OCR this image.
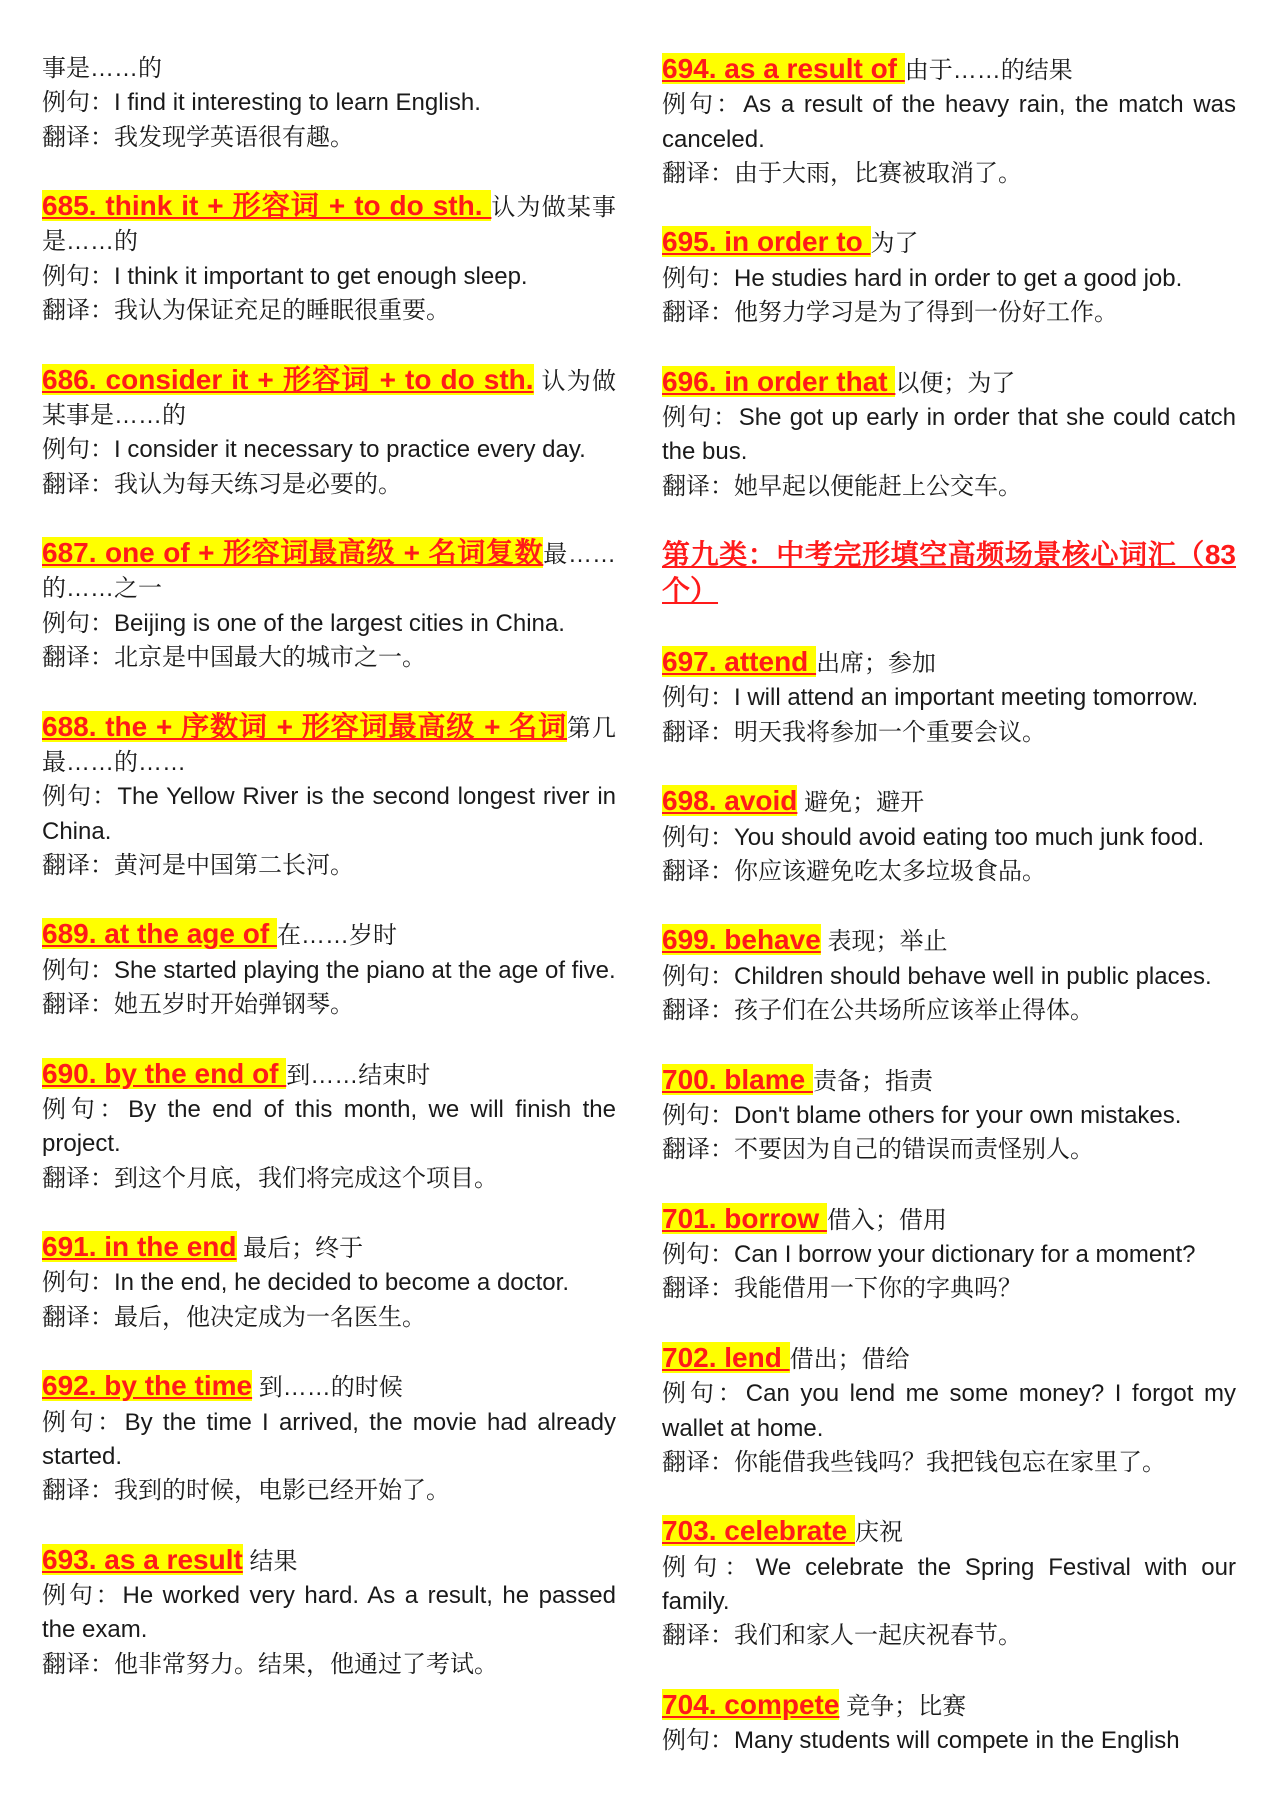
事是……的

例句：I find it interesting to learn English.

翻译：我发现学英语很有趣。

685. think it + 形容词 + to do sth. 认为做某事是……的

例句：I think it important to get enough sleep.

翻译：我认为保证充足的睡眠很重要。

686. consider it + 形容词 + to do sth. 认为做某事是……的

例句：I consider it necessary to practice every day.

翻译：我认为每天练习是必要的。

687. one of + 形容词最高级 + 名词复数最……的……之一

例句：Beijing is one of the largest cities in China.

翻译：北京是中国最大的城市之一。

688. the + 序数词 + 形容词最高级 + 名词第几最……的……

例句：The Yellow River is the second longest river in China.

翻译：黄河是中国第二长河。

689. at the age of 在……岁时

例句：She started playing the piano at the age of five.

翻译：她五岁时开始弹钢琴。

690. by the end of 到……结束时

例句：By the end of this month, we will finish the project.

翻译：到这个月底，我们将完成这个项目。

691. in the end 最后；终于

例句：In the end, he decided to become a doctor.

翻译：最后，他决定成为一名医生。

692. by the time 到……的时候

例句：By the time I arrived, the movie had already started.

翻译：我到的时候，电影已经开始了。

693. as a result 结果

例句：He worked very hard. As a result, he passed the exam.

翻译：他非常努力。结果，他通过了考试。

694. as a result of 由于……的结果

例句：As a result of the heavy rain, the match was canceled.

翻译：由于大雨，比赛被取消了。

695. in order to 为了

例句：He studies hard in order to get a good job.

翻译：他努力学习是为了得到一份好工作。

696. in order that 以便；为了

例句：She got up early in order that she could catch the bus.

翻译：她早起以便能赶上公交车。

第九类：中考完形填空高频场景核心词汇（83 个）

697. attend 出席；参加

例句：I will attend an important meeting tomorrow.

翻译：明天我将参加一个重要会议。

698. avoid 避免；避开

例句：You should avoid eating too much junk food.

翻译：你应该避免吃太多垃圾食品。

699. behave 表现；举止

例句：Children should behave well in public places.

翻译：孩子们在公共场所应该举止得体。

700. blame 责备；指责

例句：Don't blame others for your own mistakes.

翻译：不要因为自己的错误而责怪别人。

701. borrow 借入；借用

例句：Can I borrow your dictionary for a moment?

翻译：我能借用一下你的字典吗？

702. lend 借出；借给

例句：Can you lend me some money? I forgot my wallet at home.

翻译：你能借我些钱吗？我把钱包忘在家里了。

703. celebrate 庆祝

例句：We celebrate the Spring Festival with our family.

翻译：我们和家人一起庆祝春节。

704. compete 竞争；比赛

例句：Many students will compete in the English
